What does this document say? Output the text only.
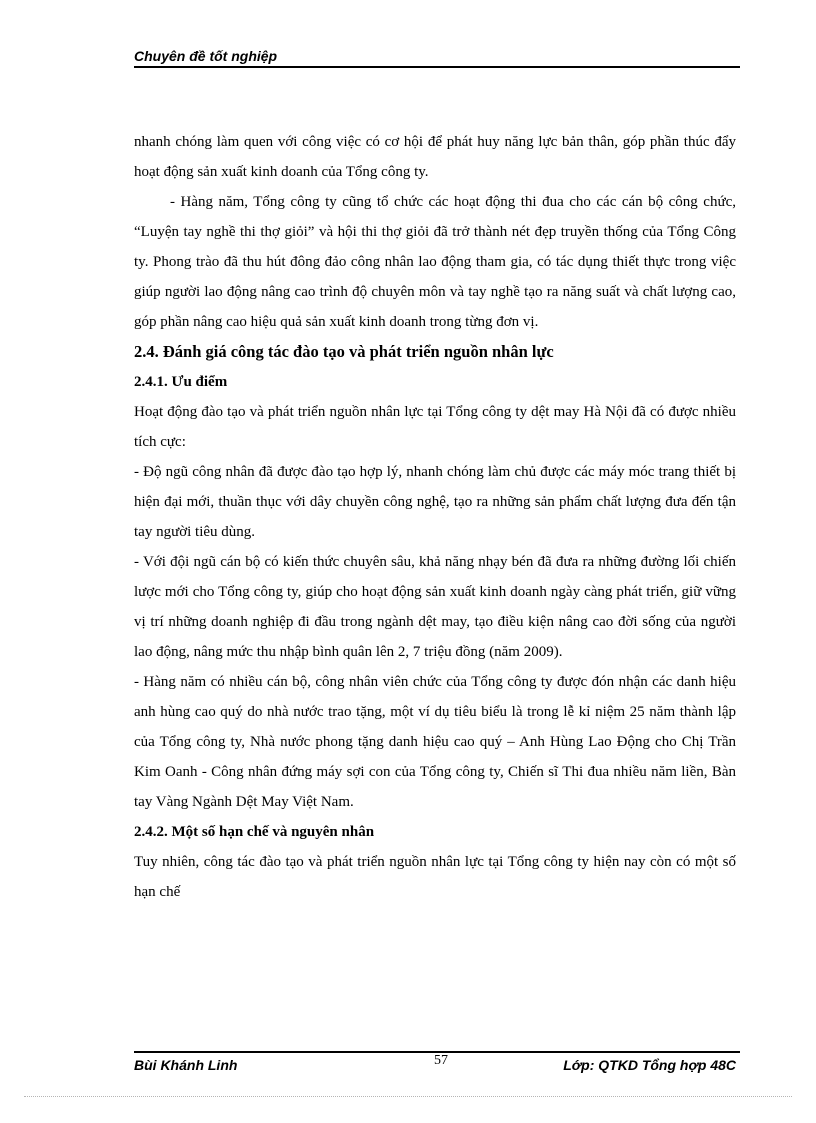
Chuyên đề tốt nghiệp

nhanh chóng làm quen với công việc có cơ hội để phát huy năng lực bản thân, góp phần thúc đẩy hoạt động sản xuất kinh doanh của Tổng công ty.

- Hàng năm, Tổng công ty cũng tổ chức các hoạt động thi đua cho các cán bộ công chức, “Luyện tay nghề thi thợ giỏi” và hội thi thợ giỏi đã trở thành nét đẹp truyền thống của Tổng Công ty. Phong trào đã thu hút đông đảo công nhân lao động tham gia, có tác dụng thiết thực trong việc giúp người lao động nâng cao trình độ chuyên môn và tay nghề tạo ra năng suất và chất lượng cao, góp phần nâng cao hiệu quả sản xuất kinh doanh trong từng đơn vị.

2.4. Đánh giá công tác đào tạo và phát triển nguồn nhân lực
2.4.1. Ưu điểm

Hoạt động đào tạo và phát triển nguồn nhân lực tại Tổng công ty dệt may Hà Nội đã có được nhiều tích cực:

- Độ ngũ công nhân đã được đào tạo hợp lý, nhanh chóng làm chủ được các máy móc trang thiết bị hiện đại mới, thuần thục với dây chuyền công nghệ, tạo ra những sản phẩm chất lượng đưa đến tận tay người tiêu dùng.

- Với đội ngũ cán bộ có kiến thức chuyên sâu, khả năng nhạy bén đã đưa ra những đường lối chiến lược mới cho Tổng công ty, giúp cho hoạt động sản xuất kinh doanh ngày càng phát triển, giữ vững vị trí những doanh nghiệp đi đầu trong ngành dệt may, tạo điều kiện nâng cao đời sống của người lao động, nâng mức thu nhập bình quân lên 2, 7 triệu đồng (năm 2009).

- Hàng năm có nhiều cán bộ, công nhân viên chức của Tổng công ty được đón nhận các danh hiệu anh hùng cao quý do nhà nước trao tặng, một ví dụ tiêu biểu là trong lễ kỉ niệm 25 năm thành lập của Tổng công ty, Nhà nước phong tặng danh hiệu cao quý – Anh Hùng Lao Động cho Chị Trần Kim Oanh - Công nhân đứng máy sợi con của Tổng công ty, Chiến sĩ Thi đua nhiều năm liền, Bàn tay Vàng Ngành Dệt May Việt Nam.

2.4.2. Một số hạn chế và nguyên nhân

Tuy nhiên, công tác đào tạo và phát triển nguồn nhân lực tại Tổng công ty hiện nay còn có một số hạn chế

Bùi Khánh Linh	57	Lớp: QTKD Tổng hợp 48C
